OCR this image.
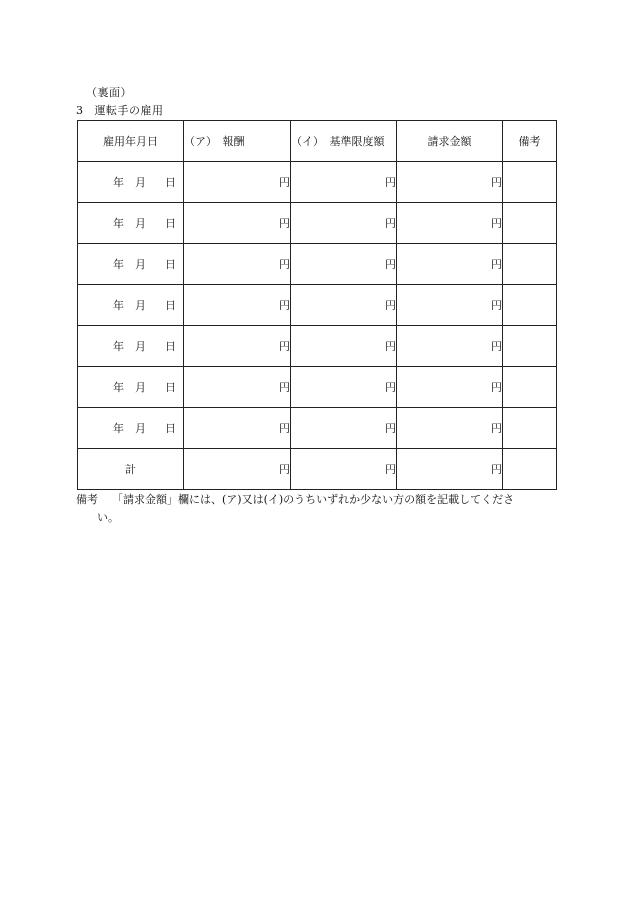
（裏面）
3 運転手の雇用
雇用年月日	（ア）　報酬	（イ）　基準限度額	請求金額	備考

年 月 日	円	円	円	

年 月 日	円	円	円	

年 月 日	円	円	円	

年 月 日	円	円	円	

年 月 日	円	円	円	

年 月 日	円	円	円	

年 月 日	円	円	円	
計	円	円	円	
備考 「請求金額」欄には、(ア)又は(イ)のうちいずれか少ない方の額を記載してくださ
い。
